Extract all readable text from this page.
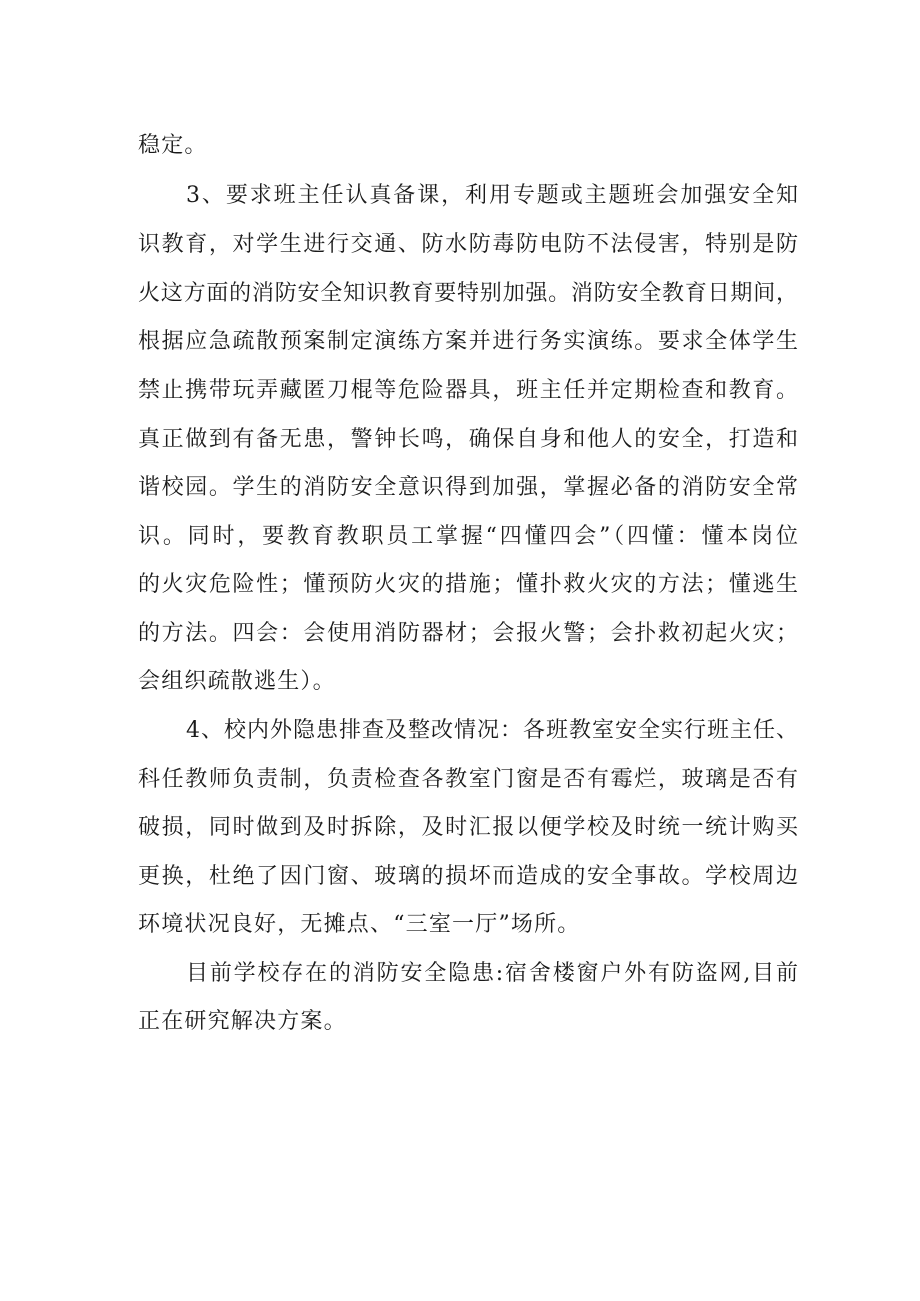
稳定。
3、要求班主任认真备课，利用专题或主题班会加强安全知
识教育，对学生进行交通、防水防毒防电防不法侵害，特别是防
火这方面的消防安全知识教育要特别加强。消防安全教育日期间，
根据应急疏散预案制定演练方案并进行务实演练。要求全体学生
禁止携带玩弄藏匿刀棍等危险器具，班主任并定期检查和教育。
真正做到有备无患，警钟长鸣，确保自身和他人的安全，打造和
谐校园。学生的消防安全意识得到加强，掌握必备的消防安全常
识。同时，要教育教职员工掌握“四懂四会”（四懂：懂本岗位
的火灾危险性；懂预防火灾的措施；懂扑救火灾的方法；懂逃生
的方法。四会：会使用消防器材；会报火警；会扑救初起火灾；
会组织疏散逃生）。
4、校内外隐患排查及整改情况：各班教室安全实行班主任、
科任教师负责制，负责检查各教室门窗是否有霉烂，玻璃是否有
破损，同时做到及时拆除，及时汇报以便学校及时统一统计购买
更换，杜绝了因门窗、玻璃的损坏而造成的安全事故。学校周边
环境状况良好，无摊点、“三室一厅”场所。
目前学校存在的消防安全隐患:宿舍楼窗户外有防盗网,目前
正在研究解决方案。
